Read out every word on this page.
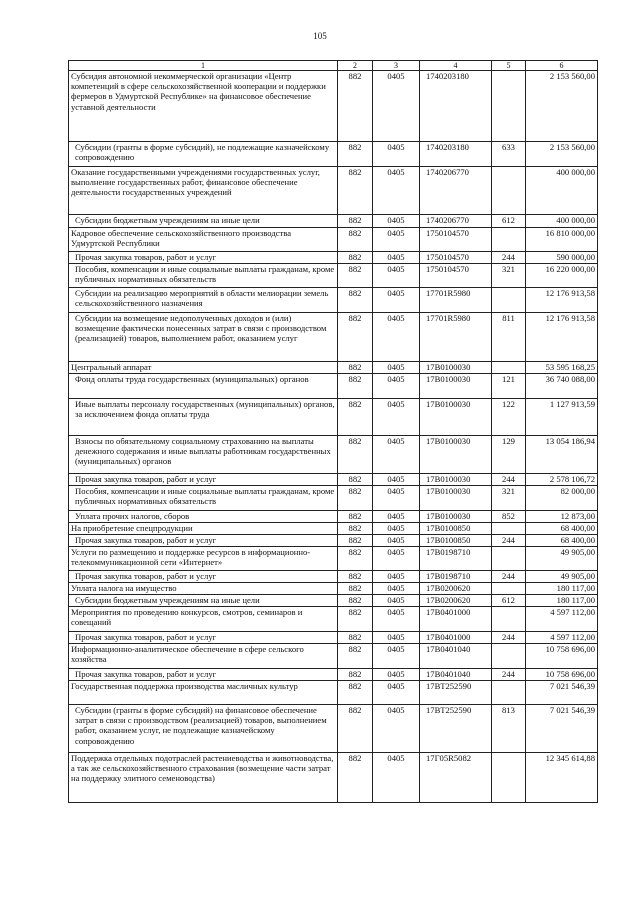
105
1	2	3	4	5	6
Субсидия автономной некоммерческой организации «Центр компетенций в сфере сельскохозяйственной кооперации и поддержки фермеров в Удмуртской Республике» на финансовое обеспечение уставной деятельности	882	0405	1740203180		2 153 560,00
Субсидии (гранты в форме субсидий), не подлежащие казначейскому сопровождению	882	0405	1740203180	633	2 153 560,00
Оказание государственными учреждениями государственных услуг, выполнение государственных работ, финансовое обеспечение деятельности государственных учреждений	882	0405	1740206770		400 000,00
Субсидии бюджетным учреждениям на иные цели	882	0405	1740206770	612	400 000,00
Кадровое обеспечение сельскохозяйственного производства Удмуртской Республики	882	0405	1750104570		16 810 000,00
Прочая закупка товаров, работ и услуг	882	0405	1750104570	244	590 000,00
Пособия, компенсации и иные социальные выплаты гражданам, кроме публичных нормативных обязательств	882	0405	1750104570	321	16 220 000,00
Субсидии на реализацию мероприятий в области мелиорации земель сельскохозяйственного назначения	882	0405	17701R5980		12 176 913,58
Субсидии на возмещение недополученных доходов и (или) возмещение фактически понесенных затрат в связи с производством (реализацией) товаров, выполнением работ, оказанием услуг	882	0405	17701R5980	811	12 176 913,58
Центральный аппарат	882	0405	17В0100030		53 595 168,25
Фонд оплаты труда государственных (муниципальных) органов	882	0405	17В0100030	121	36 740 088,00
Иные выплаты персоналу государственных (муниципальных) органов, за исключением фонда оплаты труда	882	0405	17В0100030	122	1 127 913,59
Взносы по обязательному социальному страхованию на выплаты денежного содержания и иные выплаты работникам государственных (муниципальных) органов	882	0405	17В0100030	129	13 054 186,94
Прочая закупка товаров, работ и услуг	882	0405	17В0100030	244	2 578 106,72
Пособия, компенсации и иные социальные выплаты гражданам, кроме публичных нормативных обязательств	882	0405	17В0100030	321	82 000,00
Уплата прочих налогов, сборов	882	0405	17В0100030	852	12 873,00
На приобретение спецпродукции	882	0405	17В0100850		68 400,00
Прочая закупка товаров, работ и услуг	882	0405	17В0100850	244	68 400,00
Услуги по размещению и поддержке ресурсов в информационно-телекоммуникационной сети «Интернет»	882	0405	17В0198710		49 905,00
Прочая закупка товаров, работ и услуг	882	0405	17В0198710	244	49 905,00
Уплата налога на имущество	882	0405	17В0200620		180 117,00
Субсидии бюджетным учреждениям на иные цели	882	0405	17В0200620	612	180 117,00
Мероприятия по проведению конкурсов, смотров, семинаров и совещаний	882	0405	17В0401000		4 597 112,00
Прочая закупка товаров, работ и услуг	882	0405	17В0401000	244	4 597 112,00
Информационно-аналитическое обеспечение в сфере сельского хозяйства	882	0405	17В0401040		10 758 696,00
Прочая закупка товаров, работ и услуг	882	0405	17В0401040	244	10 758 696,00
Государственная поддержка производства масличных культур	882	0405	17ВТ252590		7 021 546,39
Субсидии (гранты в форме субсидий) на финансовое обеспечение затрат в связи с производством (реализацией) товаров, выполнением работ, оказанием услуг, не подлежащие казначейскому сопровождению	882	0405	17ВТ252590	813	7 021 546,39
Поддержка отдельных подотраслей растениеводства и животноводства, а так же сельскохозяйственного страхования (возмещение части затрат на поддержку элитного семеноводства)	882	0405	17Г05R5082		12 345 614,88
